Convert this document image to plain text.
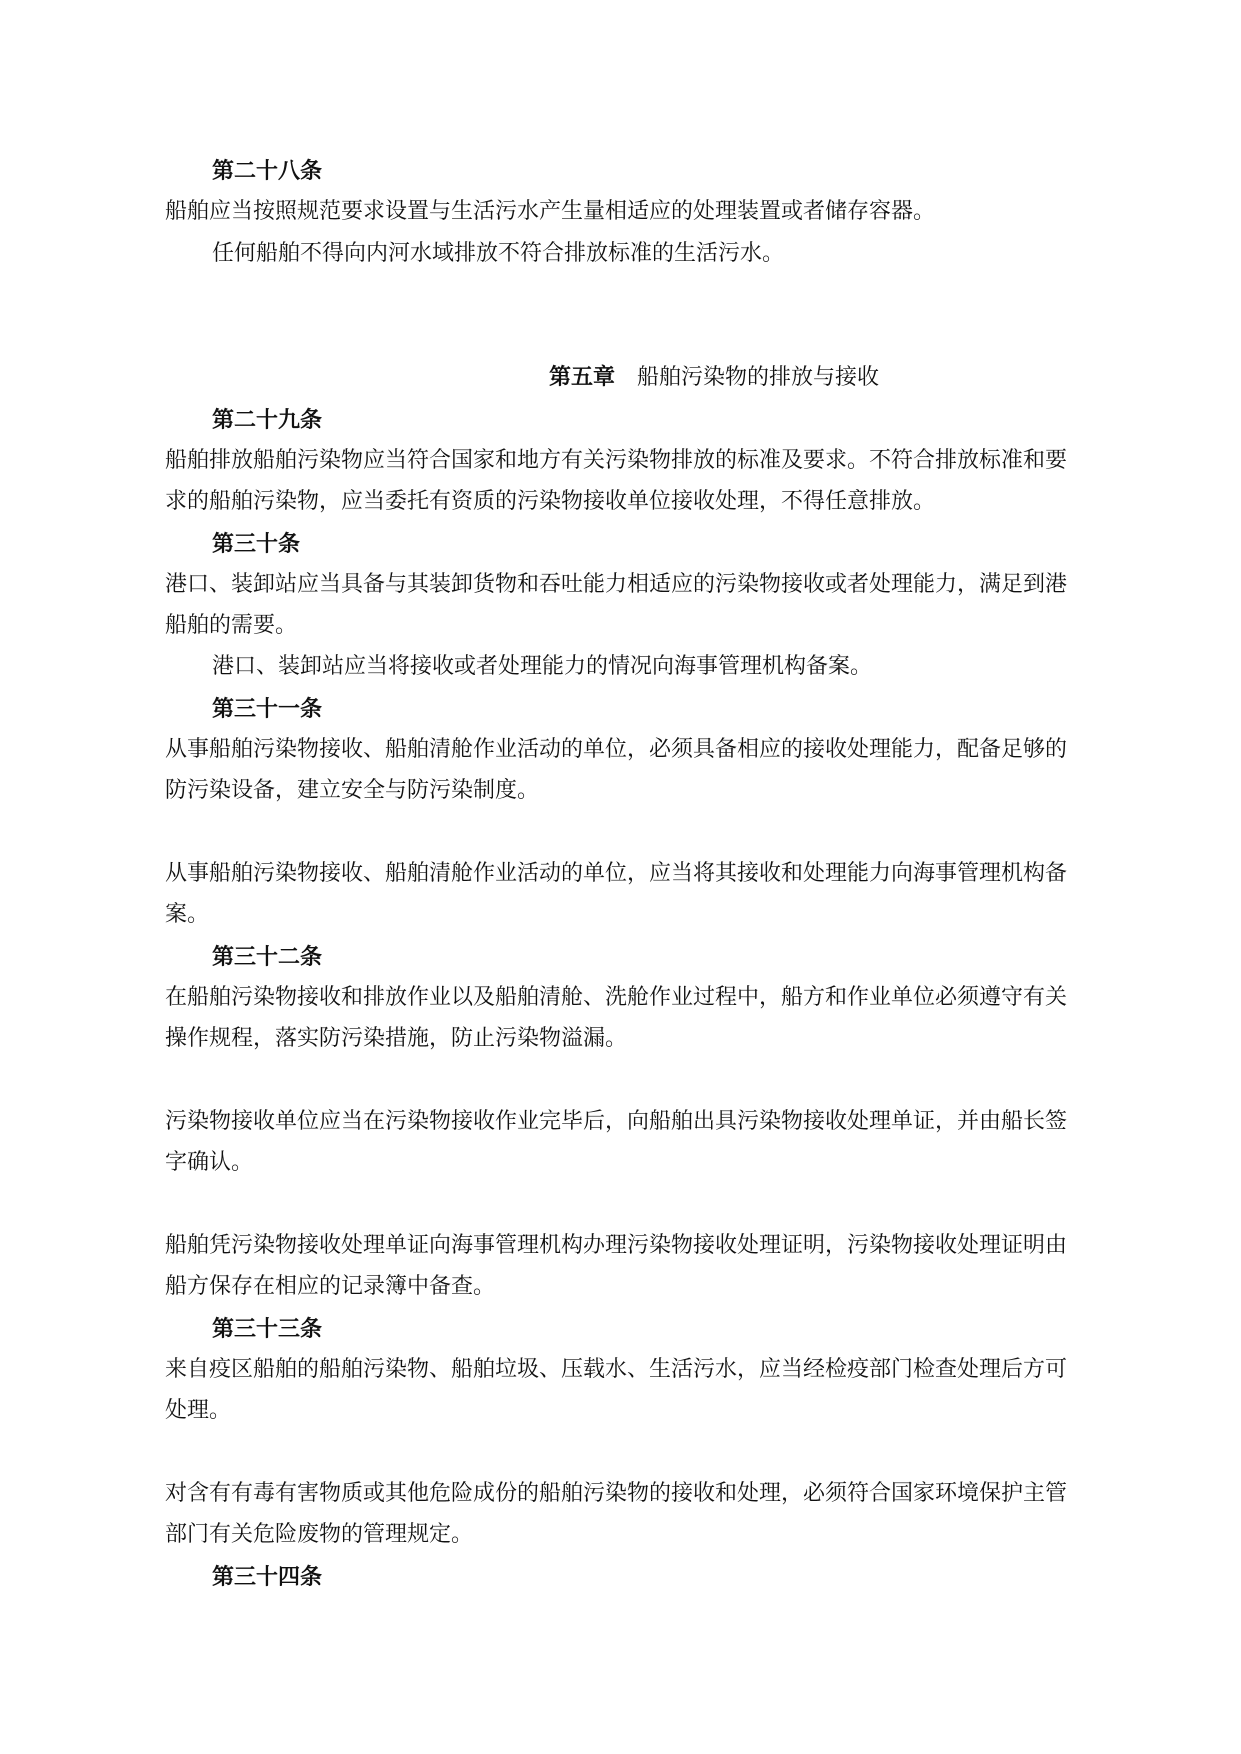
第二十八条
船舶应当按照规范要求设置与生活污水产生量相适应的处理装置或者储存容器。
任何船舶不得向内河水域排放不符合排放标准的生活污水。
第五章 船舶污染物的排放与接收
第二十九条
船舶排放船舶污染物应当符合国家和地方有关污染物排放的标准及要求。不符合排放标准和要
求的船舶污染物，应当委托有资质的污染物接收单位接收处理，不得任意排放。
第三十条
港口、装卸站应当具备与其装卸货物和吞吐能力相适应的污染物接收或者处理能力，满足到港
船舶的需要。
港口、装卸站应当将接收或者处理能力的情况向海事管理机构备案。
第三十一条
从事船舶污染物接收、船舶清舱作业活动的单位，必须具备相应的接收处理能力，配备足够的
防污染设备，建立安全与防污染制度。
从事船舶污染物接收、船舶清舱作业活动的单位，应当将其接收和处理能力向海事管理机构备
案。
第三十二条
在船舶污染物接收和排放作业以及船舶清舱、洗舱作业过程中，船方和作业单位必须遵守有关
操作规程，落实防污染措施，防止污染物溢漏。
污染物接收单位应当在污染物接收作业完毕后，向船舶出具污染物接收处理单证，并由船长签
字确认。
船舶凭污染物接收处理单证向海事管理机构办理污染物接收处理证明，污染物接收处理证明由
船方保存在相应的记录簿中备查。
第三十三条
来自疫区船舶的船舶污染物、船舶垃圾、压载水、生活污水，应当经检疫部门检查处理后方可
处理。
对含有有毒有害物质或其他危险成份的船舶污染物的接收和处理，必须符合国家环境保护主管
部门有关危险废物的管理规定。
第三十四条
